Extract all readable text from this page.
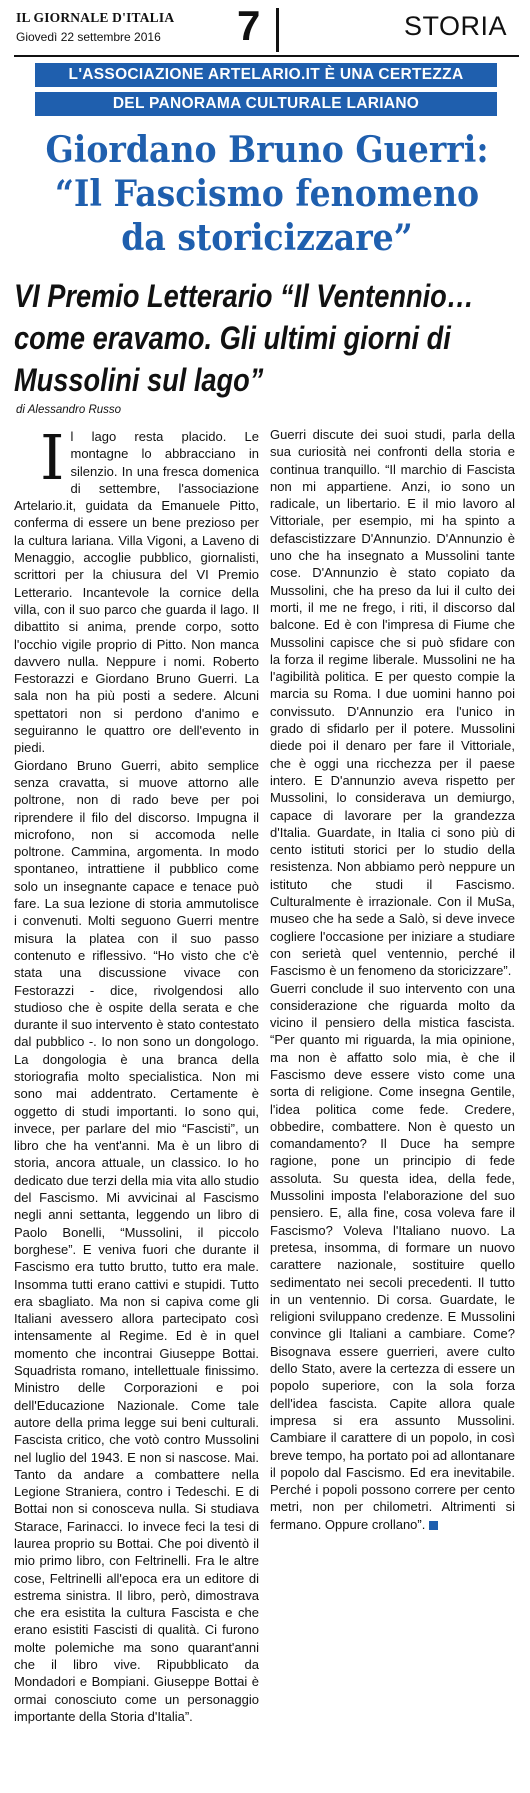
IL GIORNALE D'ITALIA
Giovedì 22 settembre 2016 7	STORIA
L'ASSOCIAZIONE ARTELARIO.IT È UNA CERTEZZA
DEL PANORAMA CULTURALE LARIANO
Giordano Bruno Guerri:
“Il Fascismo fenomeno
da storicizzare”
VI Premio Letterario “Il Ventennio…
come eravamo. Gli ultimi giorni di
Mussolini sul lago”
di Alessandro Russo

Il lago resta placido. Le montagne lo abbracciano in silenzio. In una fresca domenica di settembre, l'associazione Artelario.it, guidata da Emanuele Pitto, conferma di essere un bene prezioso per la cultura lariana. Villa Vigoni, a Laveno di Menaggio, accoglie pubblico, giornalisti, scrittori per la chiusura del VI Premio Letterario. Incantevole la cornice della villa, con il suo parco che guarda il lago. Il dibattito si anima, prende corpo, sotto l'occhio vigile proprio di Pitto. Non manca davvero nulla. Neppure i nomi. Roberto Festorazzi e Giordano Bruno Guerri. La sala non ha più posti a sedere. Alcuni spettatori non si perdono d'animo e seguiranno le quattro ore dell'evento in piedi.

Giordano Bruno Guerri, abito semplice senza cravatta, si muove attorno alle poltrone, non di rado beve per poi riprendere il filo del discorso. Impugna il microfono, non si accomoda nelle poltrone. Cammina, argomenta. In modo spontaneo, intrattiene il pubblico come solo un insegnante capace e tenace può fare. La sua lezione di storia ammutolisce i convenuti. Molti seguono Guerri mentre misura la platea con il suo passo contenuto e riflessivo. “Ho visto che c'è stata una discussione vivace con Festorazzi - dice, rivolgendosi allo studioso che è ospite della serata e che durante il suo intervento è stato contestato dal pubblico -. Io non sono un dongologo. La dongologia è una branca della storiografia molto specialistica. Non mi sono mai addentrato. Certamente è oggetto di studi importanti. Io sono qui, invece, per parlare del mio “Fascisti”, un libro che ha vent'anni. Ma è un libro di storia, ancora attuale, un classico. Io ho dedicato due terzi della mia vita allo studio del Fascismo. Mi avvicinai al Fascismo negli anni settanta, leggendo un libro di Paolo Bonelli, “Mussolini, il piccolo borghese”. E veniva fuori che durante il Fascismo era tutto brutto, tutto era male. Insomma tutti erano cattivi e stupidi. Tutto era sbagliato. Ma non si capiva come gli Italiani avessero allora partecipato così intensamente al Regime. Ed è in quel momento che incontrai Giuseppe Bottai. Squadrista romano, intellettuale finissimo. Ministro delle Corporazioni e poi dell'Educazione Nazionale. Come tale autore della prima legge sui beni culturali. Fascista critico, che votò contro Mussolini nel luglio del 1943. E non si nascose. Mai. Tanto da andare a combattere nella Legione Straniera, contro i Tedeschi. E di Bottai non si conosceva nulla. Si studiava Starace, Farinacci. Io invece feci la tesi di laurea proprio su Bottai. Che poi diventò il mio primo libro, con Feltrinelli. Fra le altre cose, Feltrinelli all'epoca era un editore di estrema sinistra. Il libro, però, dimostrava che era esistita la cultura Fascista e che erano esistiti Fascisti di qualità. Ci furono molte polemiche ma sono quarant'anni che il libro vive. Ripubblicato da Mondadori e Bompiani. Giuseppe Bottai è ormai conosciuto come un personaggio importante della Storia d'Italia”.

Guerri discute dei suoi studi, parla della sua curiosità nei confronti della storia e continua tranquillo. “Il marchio di Fascista non mi appartiene. Anzi, io sono un radicale, un libertario. E il mio lavoro al Vittoriale, per esempio, mi ha spinto a defascistizzare D'Annunzio. D'Annunzio è uno che ha insegnato a Mussolini tante cose. D'Annunzio è stato copiato da Mussolini, che ha preso da lui il culto dei morti, il me ne frego, i riti, il discorso dal balcone. Ed è con l'impresa di Fiume che Mussolini capisce che si può sfidare con la forza il regime liberale. Mussolini ne ha l'agibilità politica. E per questo compie la marcia su Roma. I due uomini hanno poi convissuto. D'Annunzio era l'unico in grado di sfidarlo per il potere. Mussolini diede poi il denaro per fare il Vittoriale, che è oggi una ricchezza per il paese intero. E D'annunzio aveva rispetto per Mussolini, lo considerava un demiurgo, capace di lavorare per la grandezza d'Italia. Guardate, in Italia ci sono più di cento istituti storici per lo studio della resistenza. Non abbiamo però neppure un istituto che studi il Fascismo. Culturalmente è irrazionale. Con il MuSa, museo che ha sede a Salò, si deve invece cogliere l'occasione per iniziare a studiare con serietà quel ventennio, perché il Fascismo è un fenomeno da storicizzare”.

Guerri conclude il suo intervento con una considerazione che riguarda molto da vicino il pensiero della mistica fascista. “Per quanto mi riguarda, la mia opinione, ma non è affatto solo mia, è che il Fascismo deve essere visto come una sorta di religione. Come insegna Gentile, l'idea politica come fede. Credere, obbedire, combattere. Non è questo un comandamento? Il Duce ha sempre ragione, pone un principio di fede assoluta. Su questa idea, della fede, Mussolini imposta l'elaborazione del suo pensiero. E, alla fine, cosa voleva fare il Fascismo? Voleva l'Italiano nuovo. La pretesa, insomma, di formare un nuovo carattere nazionale, sostituire quello sedimentato nei secoli precedenti. Il tutto in un ventennio. Di corsa. Guardate, le religioni sviluppano credenze. E Mussolini convince gli Italiani a cambiare. Come? Bisognava essere guerrieri, avere culto dello Stato, avere la certezza di essere un popolo superiore, con la sola forza dell'idea fascista. Capite allora quale impresa si era assunto Mussolini. Cambiare il carattere di un popolo, in così breve tempo, ha portato poi ad allontanare il popolo dal Fascismo. Ed era inevitabile. Perché i popoli possono correre per cento metri, non per chilometri. Altrimenti si fermano. Oppure crollano”.
